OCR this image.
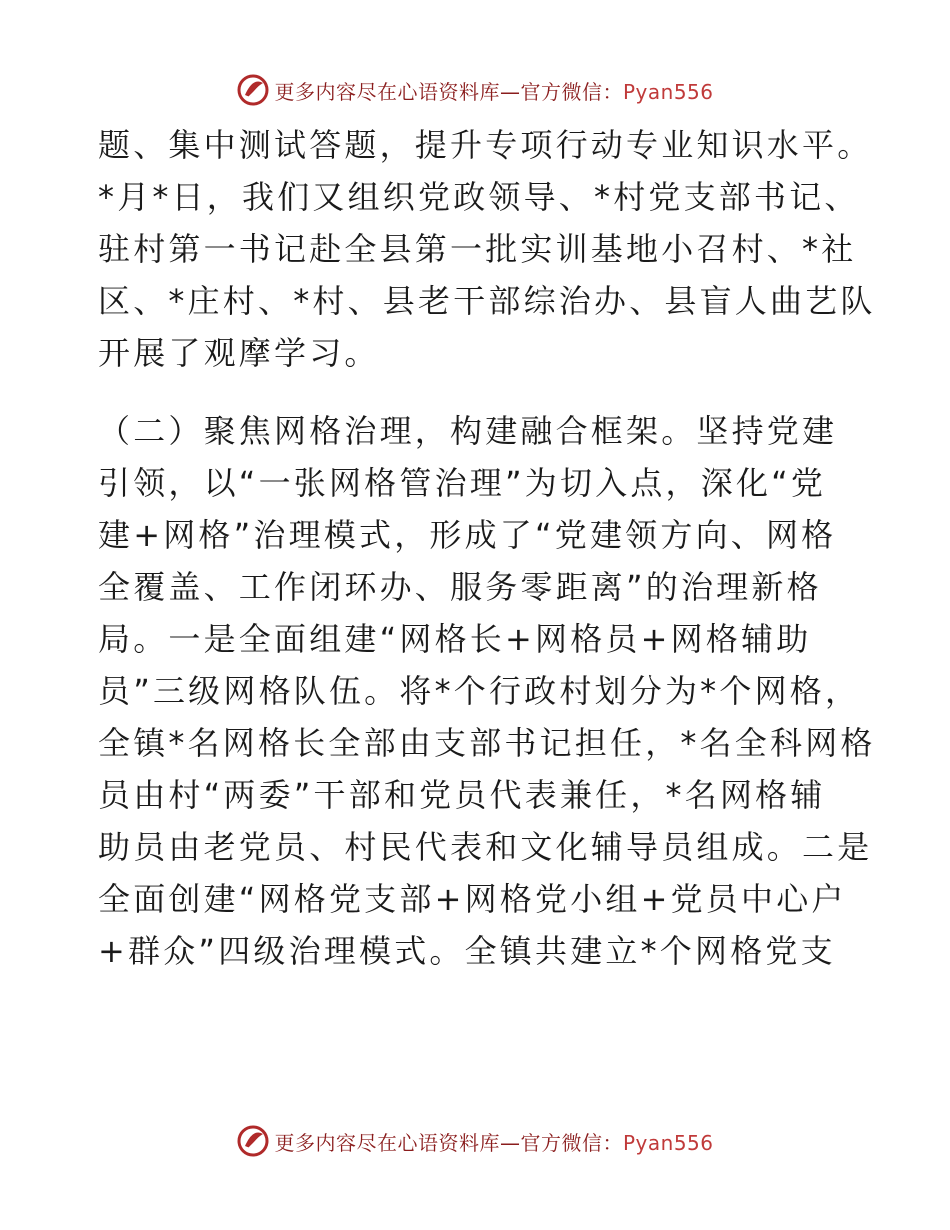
更多内容尽在心语资料库—官方微信：Pyan556
题、集中测试答题，提升专项行动专业知识水平。
*月*日，我们又组织党政领导、*村党支部书记、
驻村第一书记赴全县第一批实训基地小召村、*社
区、*庄村、*村、县老干部综治办、县盲人曲艺队
开展了观摩学习。
（二）聚焦网格治理，构建融合框架。坚持党建
引领，以“一张网格管治理”为切入点，深化“党
建+网格”治理模式，形成了“党建领方向、网格
全覆盖、工作闭环办、服务零距离”的治理新格
局。一是全面组建“网格长+网格员+网格辅助
员”三级网格队伍。将*个行政村划分为*个网格，
全镇*名网格长全部由支部书记担任，*名全科网格
员由村“两委”干部和党员代表兼任，*名网格辅
助员由老党员、村民代表和文化辅导员组成。二是
全面创建“网格党支部+网格党小组+党员中心户
+群众”四级治理模式。全镇共建立*个网格党支
更多内容尽在心语资料库—官方微信：Pyan556
